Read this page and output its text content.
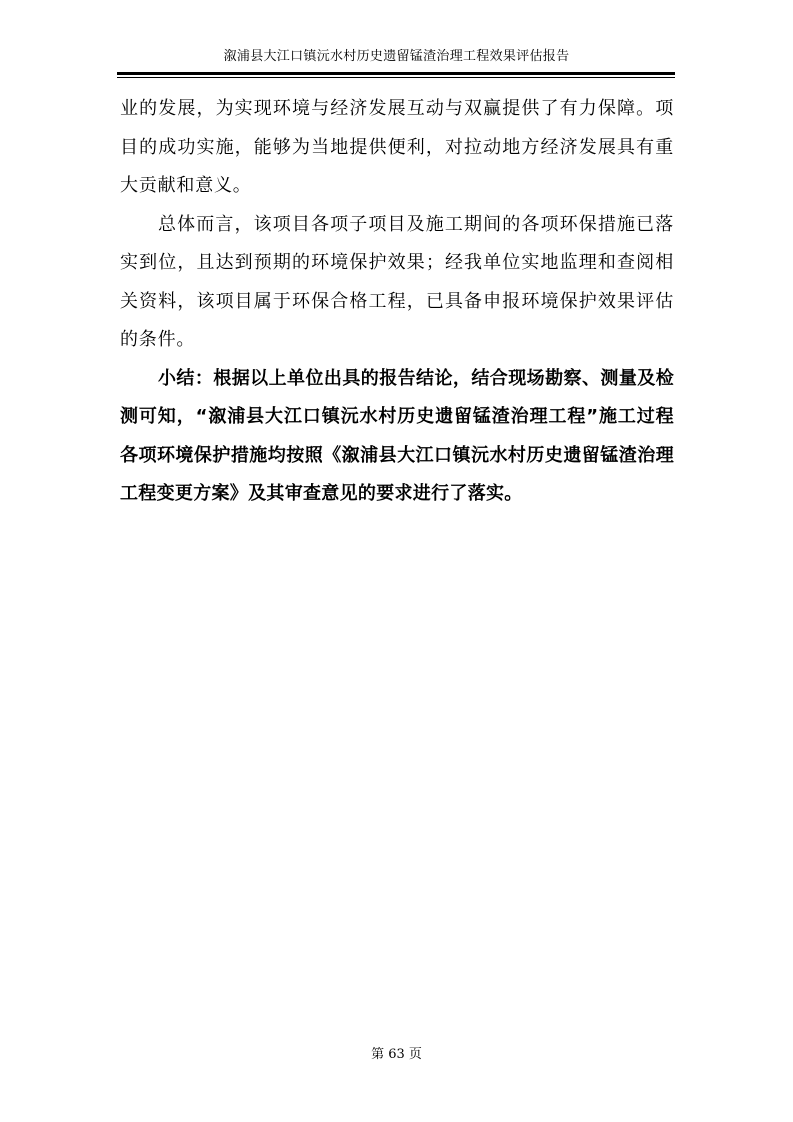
溆浦县大江口镇沅水村历史遗留锰渣治理工程效果评估报告

业的发展，为实现环境与经济发展互动与双赢提供了有力保障。项目的成功实施，能够为当地提供便利，对拉动地方经济发展具有重大贡献和意义。

总体而言，该项目各项子项目及施工期间的各项环保措施已落实到位，且达到预期的环境保护效果；经我单位实地监理和查阅相关资料，该项目属于环保合格工程，已具备申报环境保护效果评估的条件。

小结：根据以上单位出具的报告结论，结合现场勘察、测量及检测可知，“溆浦县大江口镇沅水村历史遗留锰渣治理工程”施工过程各项环境保护措施均按照《溆浦县大江口镇沅水村历史遗留锰渣治理工程变更方案》及其审查意见的要求进行了落实。

第 63 页
